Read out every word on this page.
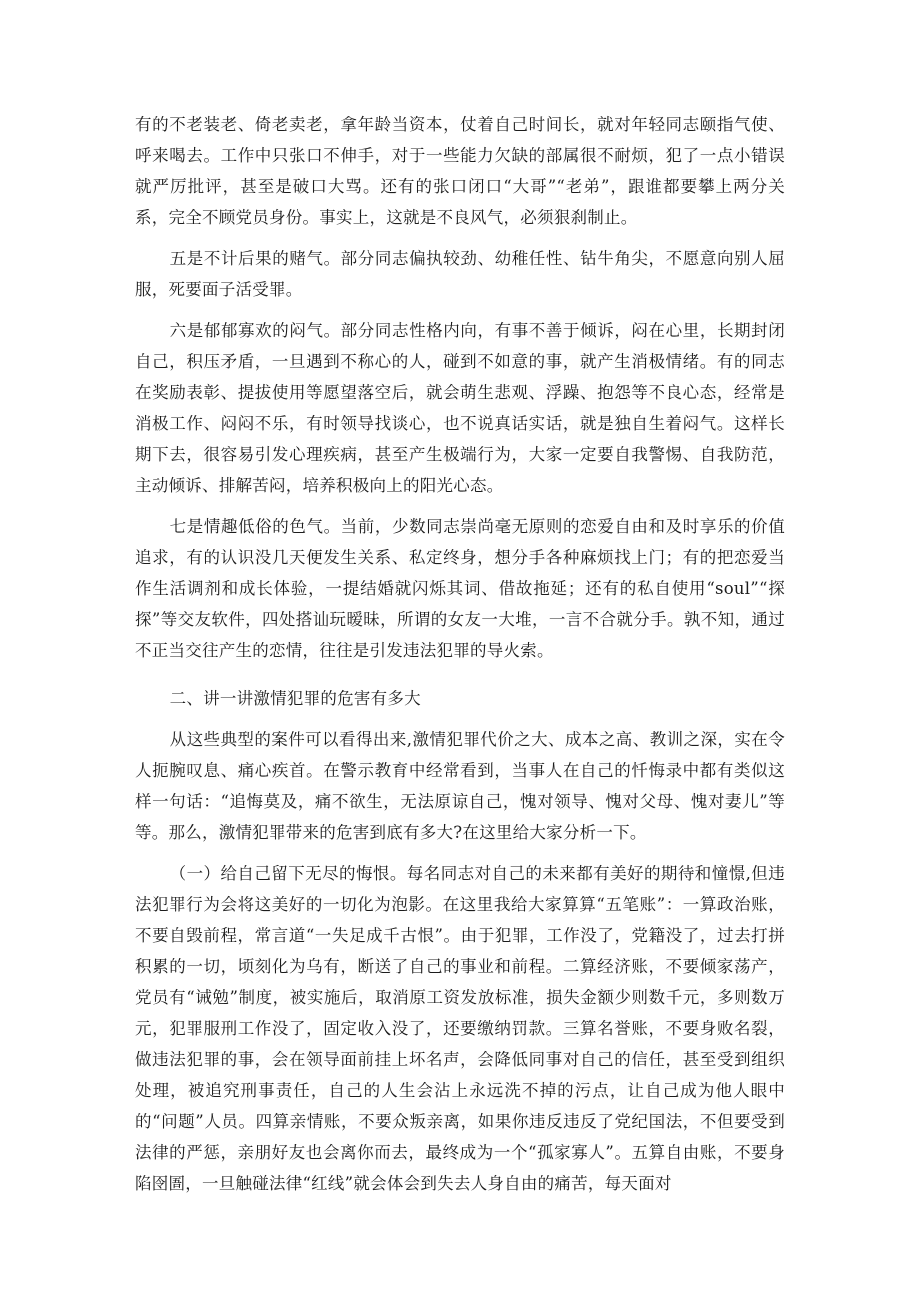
有的不老装老、倚老卖老，拿年龄当资本，仗着自己时间长，就对年轻同志颐指气使、呼来喝去。工作中只张口不伸手，对于一些能力欠缺的部属很不耐烦，犯了一点小错误就严厉批评，甚至是破口大骂。还有的张口闭口“大哥”“老弟”，跟谁都要攀上两分关系，完全不顾党员身份。事实上，这就是不良风气，必须狠刹制止。

五是不计后果的赌气。部分同志偏执较劲、幼稚任性、钻牛角尖，不愿意向别人屈服，死要面子活受罪。

六是郁郁寡欢的闷气。部分同志性格内向，有事不善于倾诉，闷在心里，长期封闭自己，积压矛盾，一旦遇到不称心的人，碰到不如意的事，就产生消极情绪。有的同志在奖励表彰、提拔使用等愿望落空后，就会萌生悲观、浮躁、抱怨等不良心态，经常是消极工作、闷闷不乐，有时领导找谈心，也不说真话实话，就是独自生着闷气。这样长期下去，很容易引发心理疾病，甚至产生极端行为，大家一定要自我警惕、自我防范，主动倾诉、排解苦闷，培养积极向上的阳光心态。

七是情趣低俗的色气。当前，少数同志崇尚毫无原则的恋爱自由和及时享乐的价值追求，有的认识没几天便发生关系、私定终身，想分手各种麻烦找上门；有的把恋爱当作生活调剂和成长体验，一提结婚就闪烁其词、借故拖延；还有的私自使用“soul”“探探”等交友软件，四处搭讪玩暧昧，所谓的女友一大堆，一言不合就分手。孰不知，通过不正当交往产生的恋情，往往是引发违法犯罪的导火索。

二、讲一讲激情犯罪的危害有多大

从这些典型的案件可以看得出来,激情犯罪代价之大、成本之高、教训之深，实在令人扼腕叹息、痛心疾首。在警示教育中经常看到，当事人在自己的忏悔录中都有类似这样一句话：“追悔莫及，痛不欲生，无法原谅自己，愧对领导、愧对父母、愧对妻儿”等等。那么，激情犯罪带来的危害到底有多大?在这里给大家分析一下。

（一）给自己留下无尽的悔恨。每名同志对自己的未来都有美好的期待和憧憬,但违法犯罪行为会将这美好的一切化为泡影。在这里我给大家算算“五笔账”：一算政治账，不要自毁前程，常言道“一失足成千古恨”。由于犯罪，工作没了，党籍没了，过去打拼积累的一切，顷刻化为乌有，断送了自己的事业和前程。二算经济账，不要倾家荡产，党员有“诫勉”制度，被实施后，取消原工资发放标准，损失金额少则数千元，多则数万元，犯罪服刑工作没了，固定收入没了，还要缴纳罚款。三算名誉账，不要身败名裂，做违法犯罪的事，会在领导面前挂上坏名声，会降低同事对自己的信任，甚至受到组织处理，被追究刑事责任，自己的人生会沾上永远洗不掉的污点，让自己成为他人眼中的“问题”人员。四算亲情账，不要众叛亲离，如果你违反违反了党纪国法，不但要受到法律的严惩，亲朋好友也会离你而去，最终成为一个“孤家寡人”。五算自由账，不要身陷囹圄，一旦触碰法律“红线”就会体会到失去人身自由的痛苦，每天面对
